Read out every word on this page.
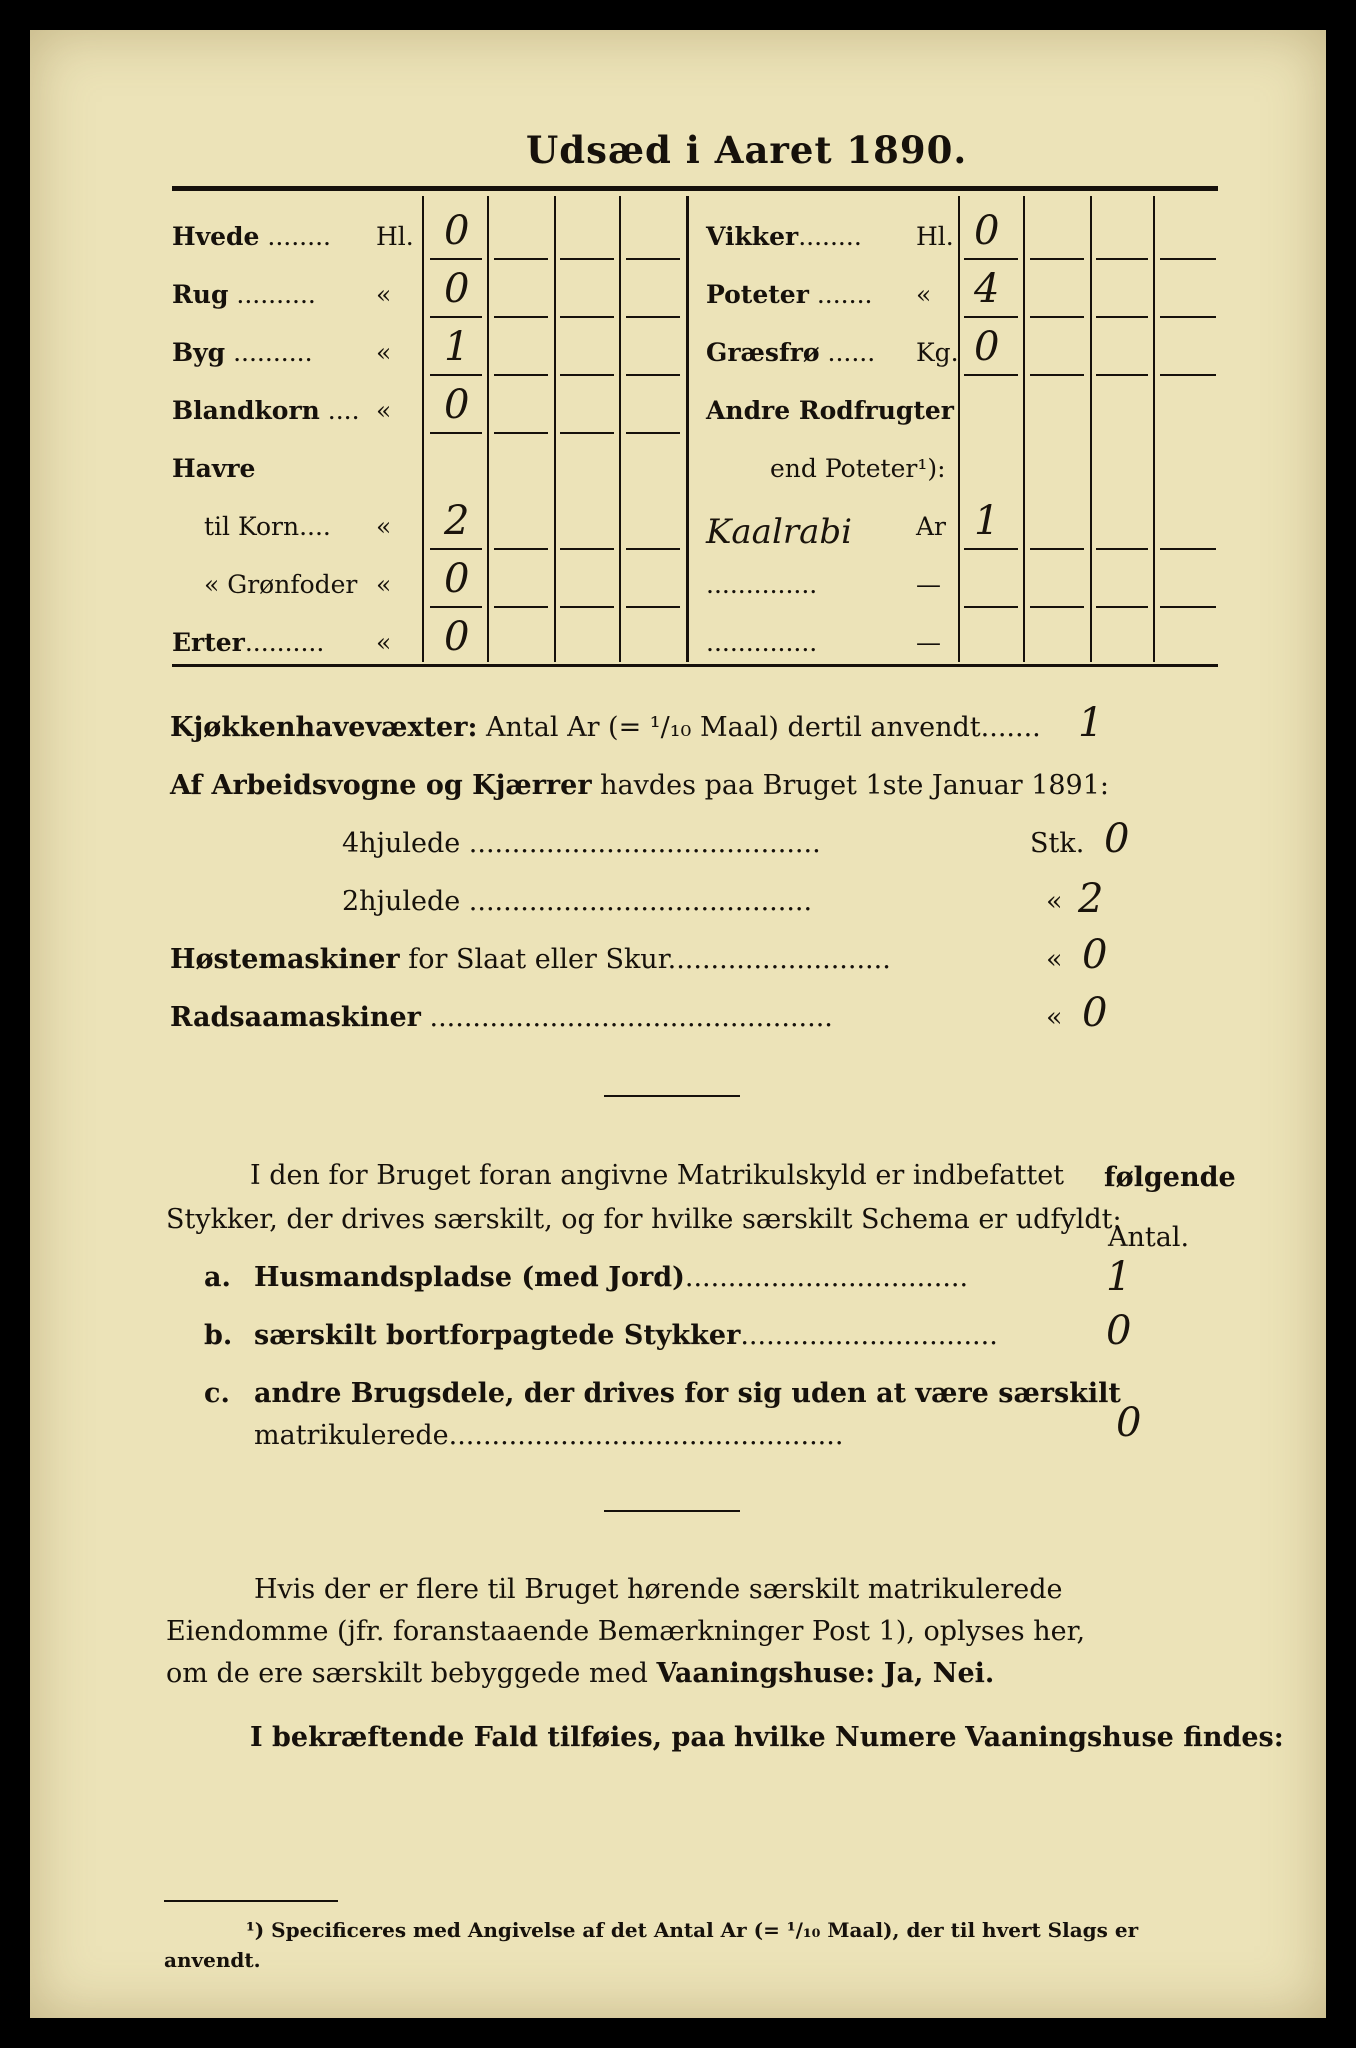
Udsæd i Aaret 1890.
Hvede ........ Hl. 0
Rug .......... « 0
Byg ..........	« 1
Blandkorn .... « 0
Havre
til Korn.... « 2
« Grønfoder « 0
Erter.......... « 0
Vikker........ Hl. 0
Poteter ....... « 4
Græsfrø ...... Kg. 0
Andre Rodfrugter
end Poteter¹):
Kaalrabi	Ar 1
..............	—
..............	—
Kjøkkenhavevæxter: Antal Ar (= ¹/₁₀ Maal) dertil anvendt....... 1
Af Arbeidsvogne og Kjærrer havdes paa Bruget 1ste Januar 1891:
4hjulede .........................................	Stk. 0
2hjulede ........................................	« 2
Høstemaskiner for Slaat eller Skur..........................	« 0
Radsaamaskiner ...............................................	« 0
I den for Bruget foran angivne Matrikulskyld er indbefattet følgende
Stykker, der drives særskilt, og for hvilke særskilt Schema er udfyldt:
Antal.
a. Husmandspladse (med Jord).................................	1
b. særskilt bortforpagtede Stykker..............................	0
c. andre Brugsdele, der drives for sig uden at være særskilt
matrikulerede..............................................	0
Hvis der er flere til Bruget hørende særskilt matrikulerede
Eiendomme (jfr. foranstaaende Bemærkninger Post 1), oplyses her,
om de ere særskilt bebyggede med Vaaningshuse: Ja, Nei.
I bekræftende Fald tilføies, paa hvilke Numere Vaaningshuse findes:
¹) Specificeres med Angivelse af det Antal Ar (= ¹/₁₀ Maal), der til hvert Slags er
anvendt.
